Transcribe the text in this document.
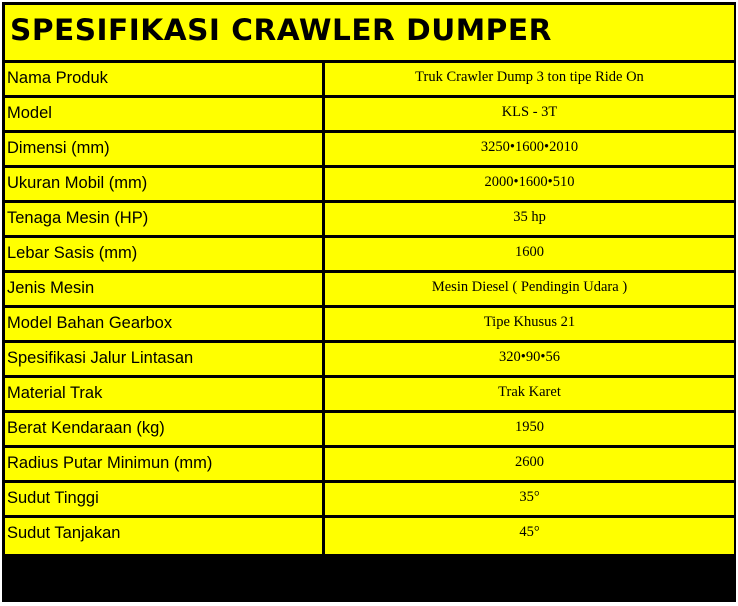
SPESIFIKASI CRAWLER DUMPER
Nama Produk	Truk Crawler Dump 3 ton tipe Ride On
Model	KLS - 3T
Dimensi (mm)	3250•1600•2010
Ukuran Mobil (mm)	2000•1600•510
Tenaga Mesin (HP)	35 hp
Lebar Sasis (mm)	1600
Jenis Mesin	Mesin Diesel ( Pendingin Udara )
Model Bahan Gearbox	Tipe Khusus 21
Spesifikasi Jalur Lintasan	320•90•56
Material Trak	Trak Karet
Berat Kendaraan (kg)	1950
Radius Putar Minimun (mm)	2600
Sudut Tinggi	35°
Sudut Tanjakan	45°
